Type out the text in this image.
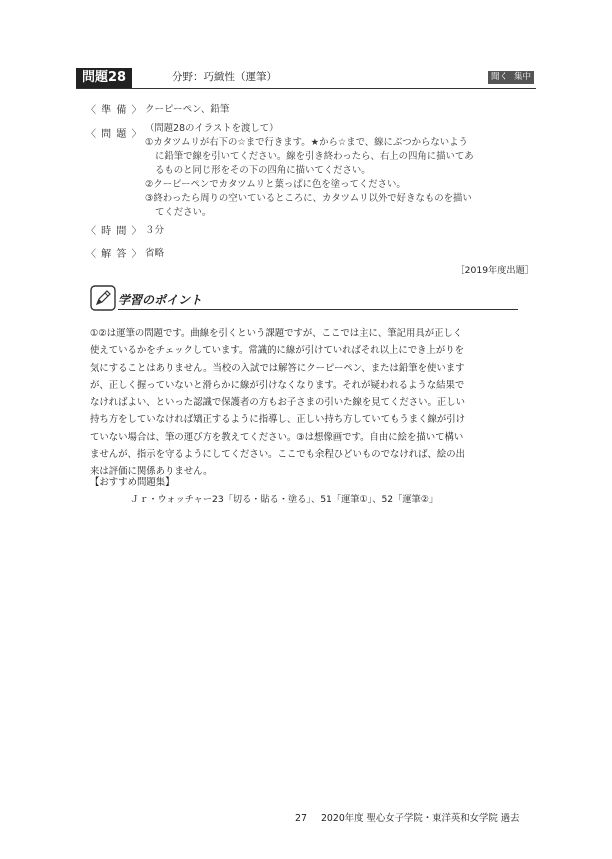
問題28	分野：巧緻性（運筆）	聞く 集中
〈 準 備 〉 クーピーペン、鉛筆
〈 問 題 〉
（問題28のイラストを渡して）
①カタツムリが右下の☆まで行きます。★から☆まで、線にぶつからないよう
に鉛筆で線を引いてください。線を引き終わったら、右上の四角に描いてあ
るものと同じ形をその下の四角に描いてください。
②クーピーペンでカタツムリと葉っぱに色を塗ってください。
③終わったら周りの空いているところに、カタツムリ以外で好きなものを描い
てください。
〈 時 間 〉 ３分
〈 解 答 〉 省略
［2019年度出題］
学習のポイント
①②は運筆の問題です。曲線を引くという課題ですが、ここでは主に、筆記用具が正しく
使えているかをチェックしています。常識的に線が引けていればそれ以上にでき上がりを
気にすることはありません。当校の入試では解答にクーピーペン、または鉛筆を使います
が、正しく握っていないと滑らかに線が引けなくなります。それが疑われるような結果で
なければよい、といった認識で保護者の方もお子さまの引いた線を見てください。正しい
持ち方をしていなければ矯正するように指導し、正しい持ち方していてもうまく線が引け
ていない場合は、筆の運び方を教えてください。③は想像画です。自由に絵を描いて構い
ませんが、指示を守るようにしてください。ここでも余程ひどいものでなければ、絵の出
来は評価に関係ありません。
【おすすめ問題集】
Ｊｒ・ウォッチャー23「切る・貼る・塗る」、51「運筆①」、52「運筆②」
27 2020年度 聖心女子学院・東洋英和女学院 過去
